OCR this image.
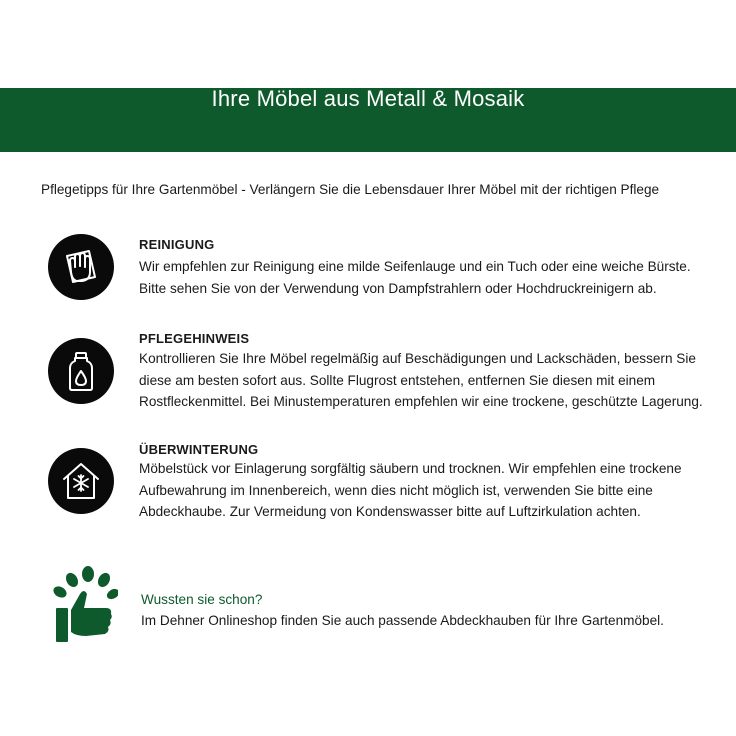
Ihre Möbel aus Metall & Mosaik
Pflegetipps für Ihre Gartenmöbel - Verlängern Sie die Lebensdauer Ihrer Möbel mit der richtigen Pflege
REINIGUNG
Wir empfehlen zur Reinigung eine milde Seifenlauge und ein Tuch oder eine weiche Bürste.
Bitte sehen Sie von der Verwendung von Dampfstrahlern oder Hochdruckreinigern ab.
PFLEGEHINWEIS
Kontrollieren Sie Ihre Möbel regelmäßig auf Beschädigungen und Lackschäden, bessern Sie
diese am besten sofort aus. Sollte Flugrost entstehen, entfernen Sie diesen mit einem
Rostfleckenmittel. Bei Minustemperaturen empfehlen wir eine trockene, geschützte Lagerung.
ÜBERWINTERUNG
Möbelstück vor Einlagerung sorgfältig säubern und trocknen. Wir empfehlen eine trockene
Aufbewahrung im Innenbereich, wenn dies nicht möglich ist, verwenden Sie bitte eine
Abdeckhaube. Zur Vermeidung von Kondenswasser bitte auf Luftzirkulation achten.
Wussten sie schon?
Im Dehner Onlineshop finden Sie auch passende Abdeckhauben für Ihre Gartenmöbel.
